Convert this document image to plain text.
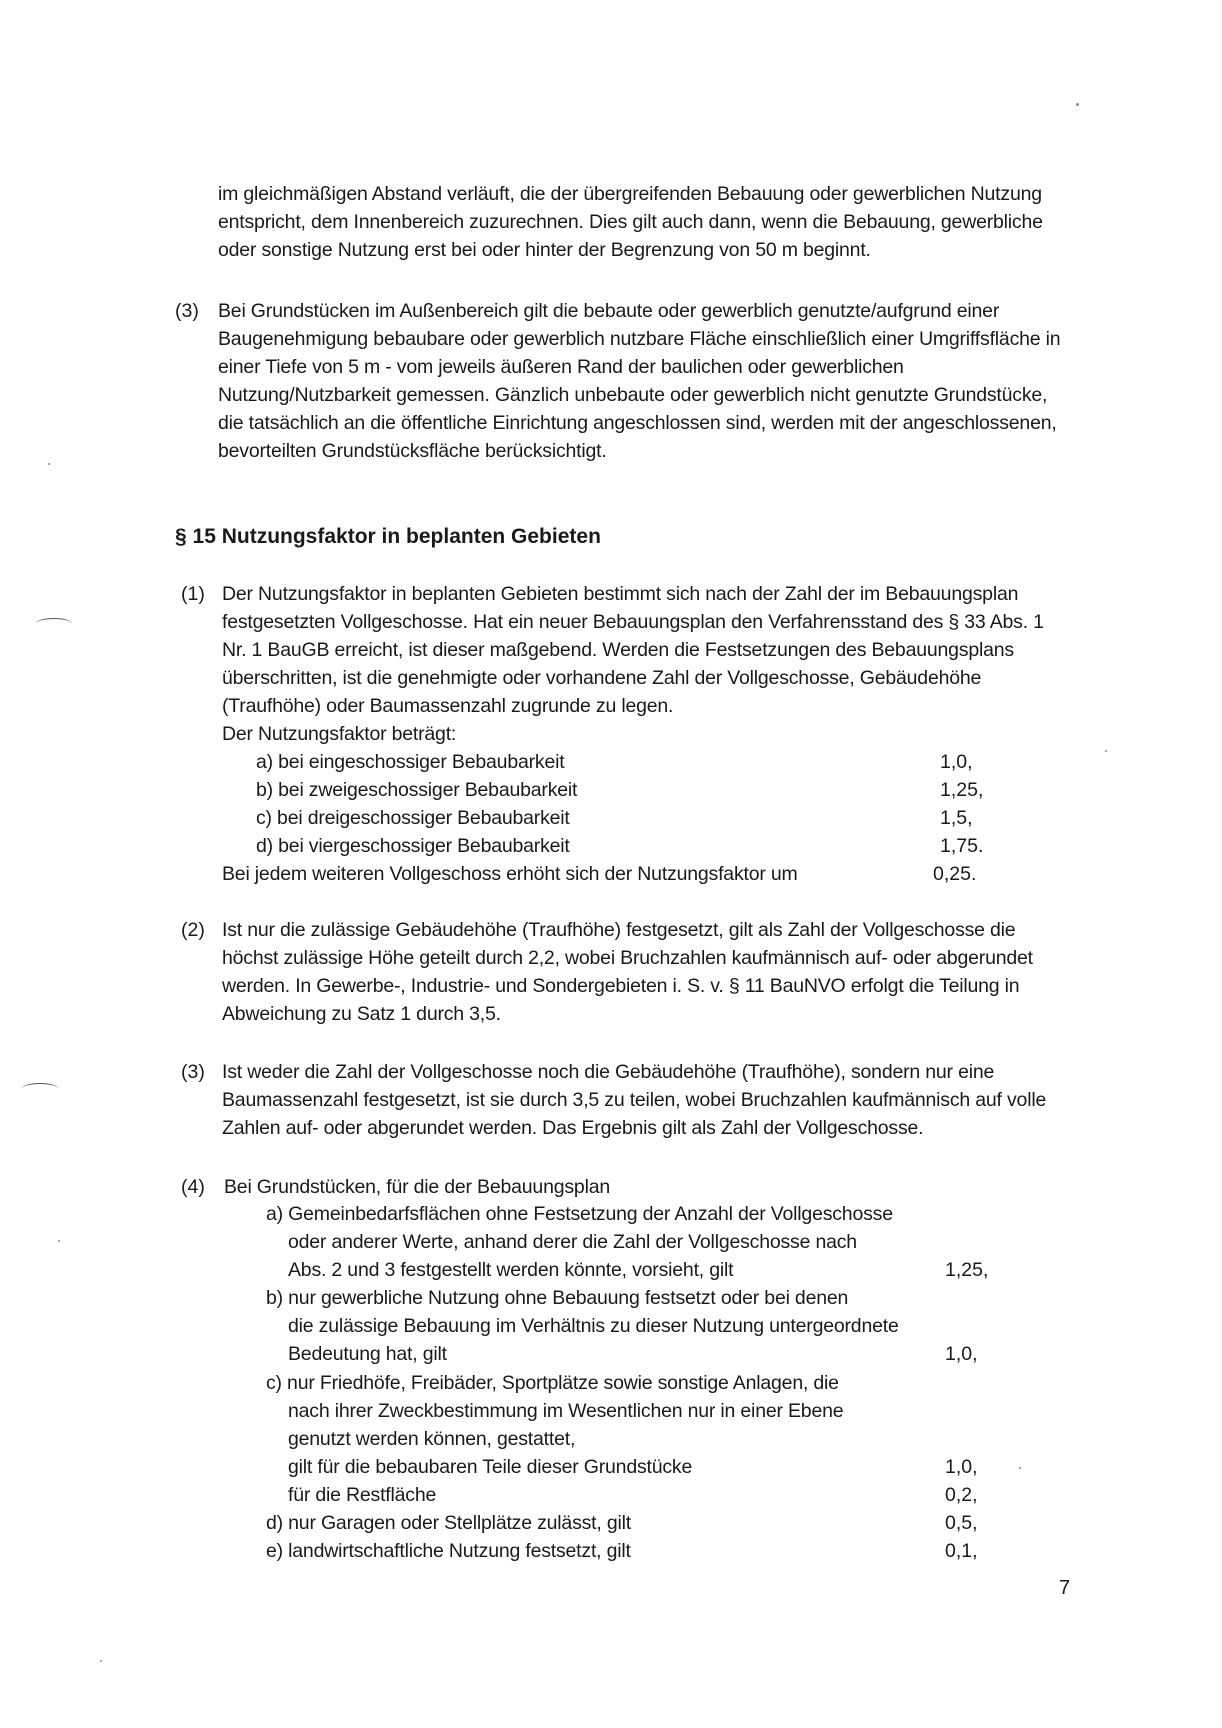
im gleichmäßigen Abstand verläuft, die der übergreifenden Bebauung oder gewerblichen Nutzung
entspricht, dem Innenbereich zuzurechnen. Dies gilt auch dann, wenn die Bebauung, gewerbliche
oder sonstige Nutzung erst bei oder hinter der Begrenzung von 50 m beginnt.
(3) Bei Grundstücken im Außenbereich gilt die bebaute oder gewerblich genutzte/aufgrund einer
Baugenehmigung bebaubare oder gewerblich nutzbare Fläche einschließlich einer Umgriffsfläche in
einer Tiefe von 5 m - vom jeweils äußeren Rand der baulichen oder gewerblichen
Nutzung/Nutzbarkeit gemessen. Gänzlich unbebaute oder gewerblich nicht genutzte Grundstücke,
die tatsächlich an die öffentliche Einrichtung angeschlossen sind, werden mit der angeschlossenen,
bevorteilten Grundstücksfläche berücksichtigt.
§ 15 Nutzungsfaktor in beplanten Gebieten
(1) Der Nutzungsfaktor in beplanten Gebieten bestimmt sich nach der Zahl der im Bebauungsplan
festgesetzten Vollgeschosse. Hat ein neuer Bebauungsplan den Verfahrensstand des § 33 Abs. 1
Nr. 1 BauGB erreicht, ist dieser maßgebend. Werden die Festsetzungen des Bebauungsplans
überschritten, ist die genehmigte oder vorhandene Zahl der Vollgeschosse, Gebäudehöhe
(Traufhöhe) oder Baumassenzahl zugrunde zu legen.
Der Nutzungsfaktor beträgt:
a) bei eingeschossiger Bebaubarkeit	1,0,
b) bei zweigeschossiger Bebaubarkeit	1,25,
c) bei dreigeschossiger Bebaubarkeit	1,5,
d) bei viergeschossiger Bebaubarkeit	1,75.
Bei jedem weiteren Vollgeschoss erhöht sich der Nutzungsfaktor um	0,25.
(2) Ist nur die zulässige Gebäudehöhe (Traufhöhe) festgesetzt, gilt als Zahl der Vollgeschosse die
höchst zulässige Höhe geteilt durch 2,2, wobei Bruchzahlen kaufmännisch auf- oder abgerundet
werden. In Gewerbe-, Industrie- und Sondergebieten i. S. v. § 11 BauNVO erfolgt die Teilung in
Abweichung zu Satz 1 durch 3,5.
(3) Ist weder die Zahl der Vollgeschosse noch die Gebäudehöhe (Traufhöhe), sondern nur eine
Baumassenzahl festgesetzt, ist sie durch 3,5 zu teilen, wobei Bruchzahlen kaufmännisch auf volle
Zahlen auf- oder abgerundet werden. Das Ergebnis gilt als Zahl der Vollgeschosse.
(4) Bei Grundstücken, für die der Bebauungsplan
a) Gemeinbedarfsflächen ohne Festsetzung der Anzahl der Vollgeschosse
oder anderer Werte, anhand derer die Zahl der Vollgeschosse nach
Abs. 2 und 3 festgestellt werden könnte, vorsieht, gilt	1,25,
b) nur gewerbliche Nutzung ohne Bebauung festsetzt oder bei denen
die zulässige Bebauung im Verhältnis zu dieser Nutzung untergeordnete
Bedeutung hat, gilt	1,0,
c) nur Friedhöfe, Freibäder, Sportplätze sowie sonstige Anlagen, die
nach ihrer Zweckbestimmung im Wesentlichen nur in einer Ebene
genutzt werden können, gestattet,
gilt für die bebaubaren Teile dieser Grundstücke	1,0,
für die Restfläche	0,2,
d) nur Garagen oder Stellplätze zulässt, gilt	0,5,
e) landwirtschaftliche Nutzung festsetzt, gilt	0,1,
7
